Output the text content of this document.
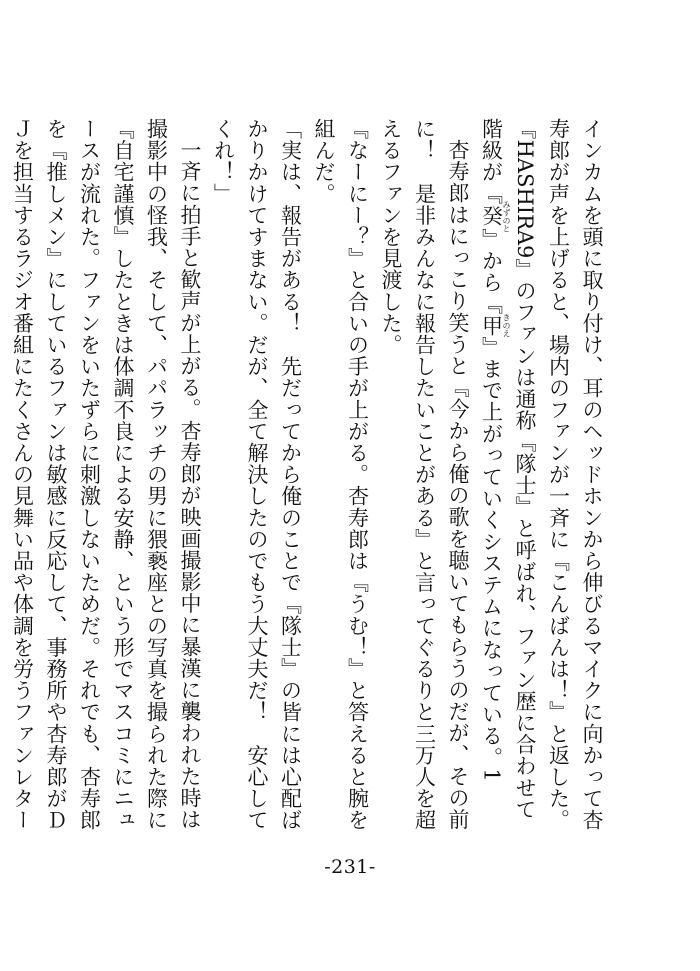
インカムを頭に取り付け、耳のヘッドホンから伸びるマイクに向かって杏寿郎が声を上げると、場内のファンが一斉に『こんばんは！』と返した。『HASHIRA9』のファンは通称『隊士』と呼ばれ、ファン歴に合わせて階級が『癸みずのと』から『甲きのえ』まで上がっていくシステムになっている。1

杏寿郎はにっこり笑うと『今から俺の歌を聴いてもらうのだが、その前に！　是非みんなに報告したいことがある』と言ってぐるりと三万人を超えるファンを見渡した。

『なーにー？』と合いの手が上がる。杏寿郎は『うむ！』と答えると腕を組んだ。

「実は、報告がある！　先だってから俺のことで『隊士』の皆には心配ばかりかけてすまない。だが、全て解決したのでもう大丈夫だ！　安心してくれ！」

一斉に拍手と歓声が上がる。杏寿郎が映画撮影中に暴漢に襲われた時は撮影中の怪我、そして、パパラッチの男に猥褻座との写真を撮られた際に『自宅謹慎』したときは体調不良による安静、という形でマスコミにニュースが流れた。ファンをいたずらに刺激しないためだ。それでも、杏寿郎を『推しメン』にしているファンは敏感に反応して、事務所や杏寿郎がＤＪを担当するラジオ番組にたくさんの見舞い品や体調を労うファンレター

-231-
